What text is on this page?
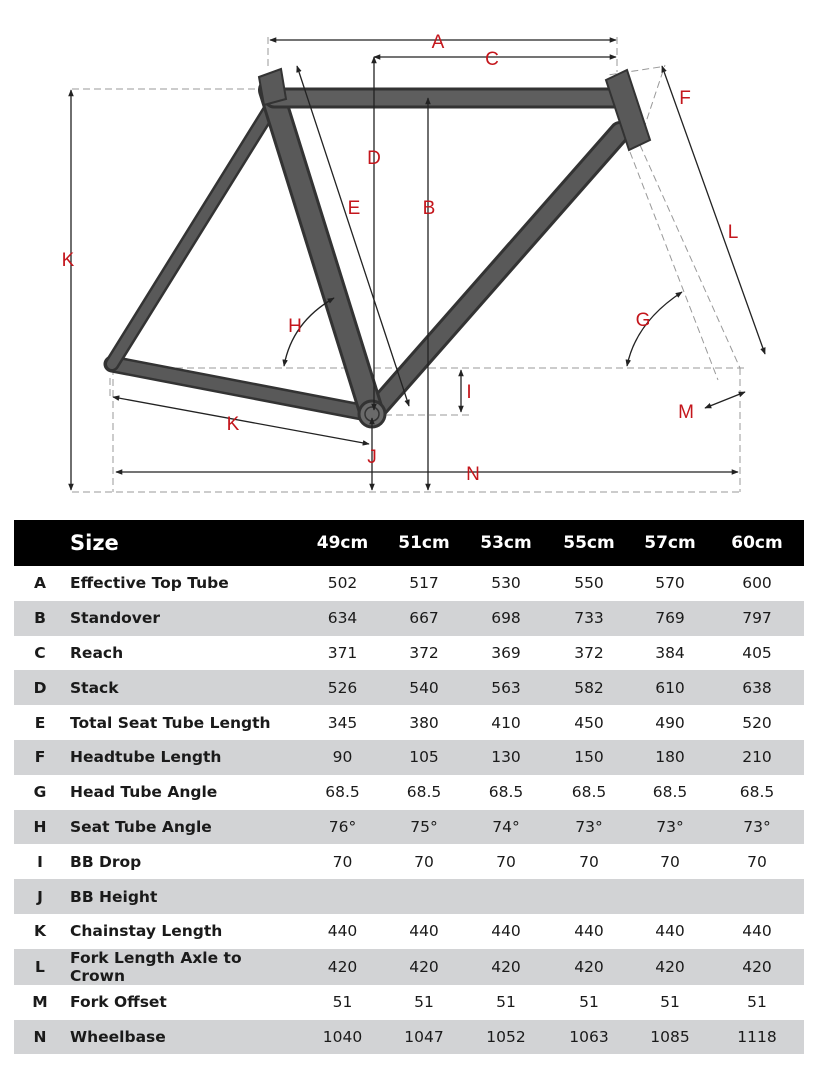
A
C
F
D
E	B
L
K
H	G
I
M
K
J
N
	Size	49cm	51cm	53cm	55cm	57cm	60cm
A	Effective Top Tube	502	517	530	550	570	600
B	Standover	634	667	698	733	769	797
C	Reach	371	372	369	372	384	405
D	Stack	526	540	563	582	610	638
E	Total Seat Tube Length	345	380	410	450	490	520
F	Headtube Length	90	105	130	150	180	210
G	Head Tube Angle	68.5	68.5	68.5	68.5	68.5	68.5
H	Seat Tube Angle	76°	75°	74°	73°	73°	73°
I	BB Drop	70	70	70	70	70	70
J	BB Height						
K	Chainstay Length	440	440	440	440	440	440
L	Fork Length Axle to Crown	420	420	420	420	420	420
M	Fork Offset	51	51	51	51	51	51
N	Wheelbase	1040	1047	1052	1063	1085	1118
